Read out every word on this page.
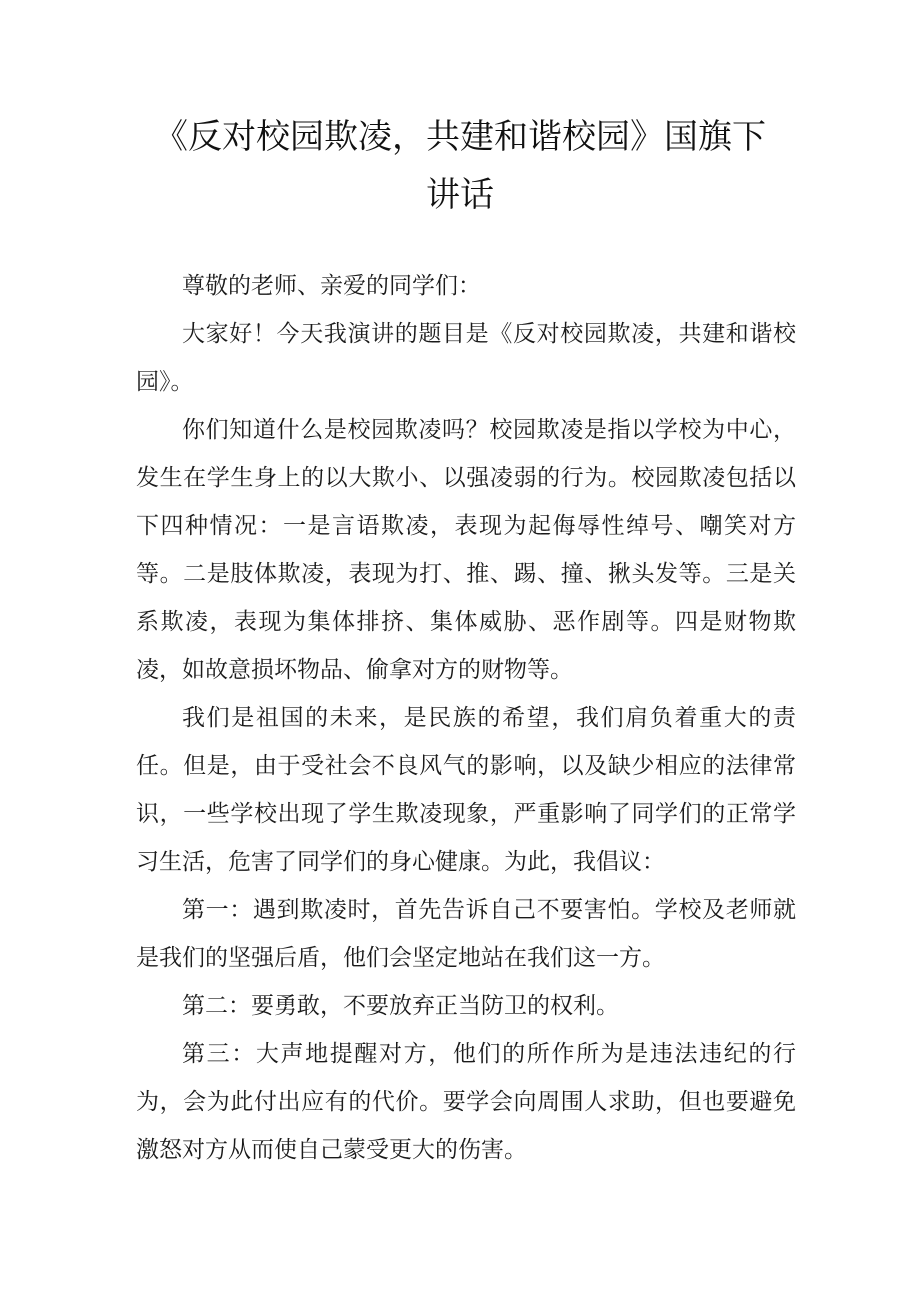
《反对校园欺凌，共建和谐校园》国旗下讲话

尊敬的老师、亲爱的同学们：

大家好！今天我演讲的题目是《反对校园欺凌，共建和谐校园》。

你们知道什么是校园欺凌吗？校园欺凌是指以学校为中心，发生在学生身上的以大欺小、以强凌弱的行为。校园欺凌包括以下四种情况：一是言语欺凌，表现为起侮辱性绰号、嘲笑对方等。二是肢体欺凌，表现为打、推、踢、撞、揪头发等。三是关系欺凌，表现为集体排挤、集体威胁、恶作剧等。四是财物欺凌，如故意损坏物品、偷拿对方的财物等。

我们是祖国的未来，是民族的希望，我们肩负着重大的责任。但是，由于受社会不良风气的影响，以及缺少相应的法律常识，一些学校出现了学生欺凌现象，严重影响了同学们的正常学习生活，危害了同学们的身心健康。为此，我倡议：

第一：遇到欺凌时，首先告诉自己不要害怕。学校及老师就是我们的坚强后盾，他们会坚定地站在我们这一方。

第二：要勇敢，不要放弃正当防卫的权利。

第三：大声地提醒对方，他们的所作所为是违法违纪的行为，会为此付出应有的代价。要学会向周围人求助，但也要避免激怒对方从而使自己蒙受更大的伤害。
